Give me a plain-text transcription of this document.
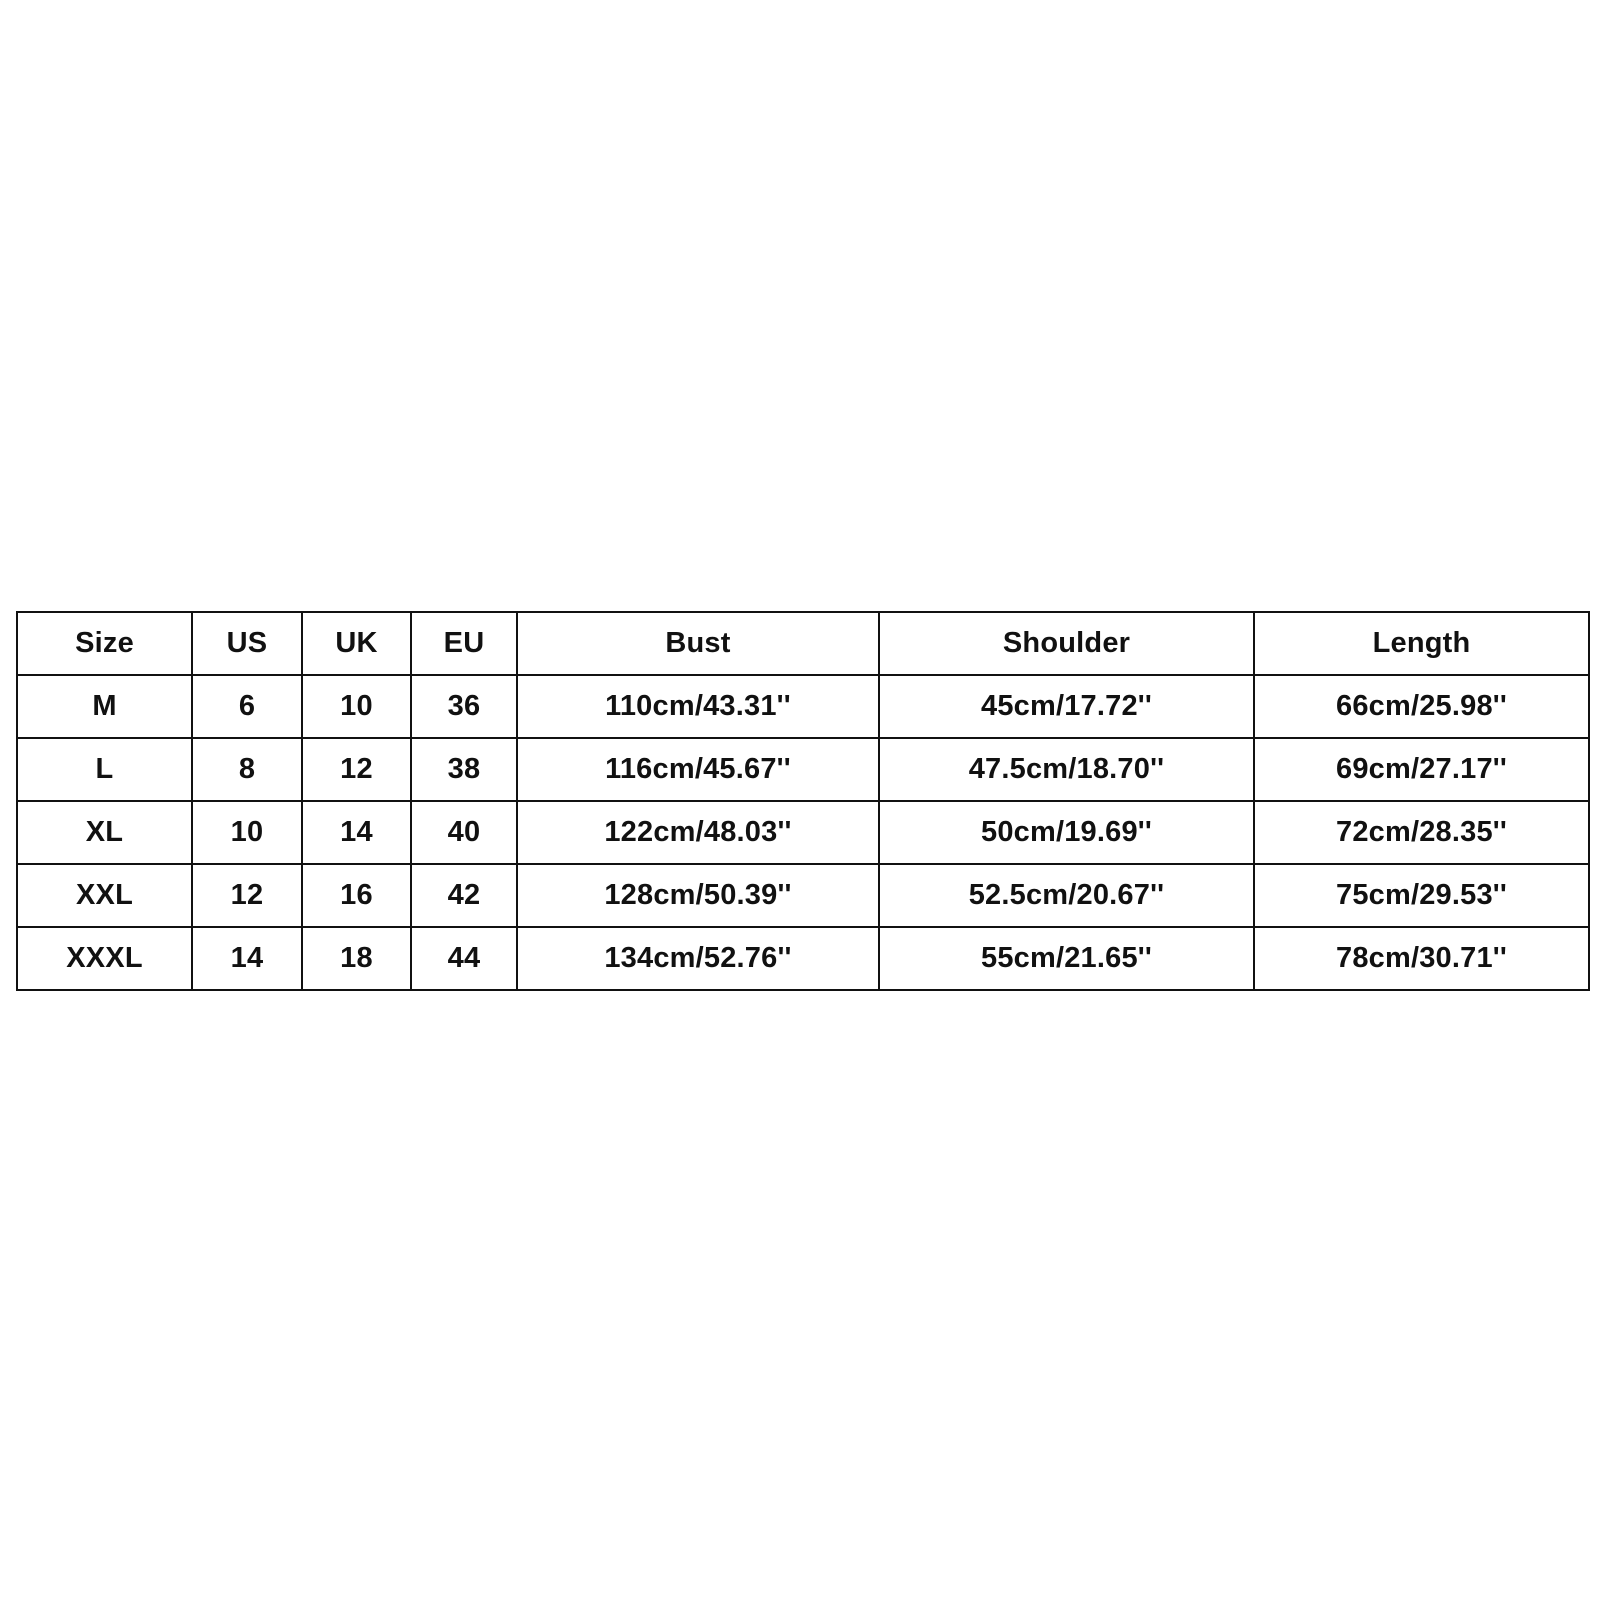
Size	US	UK	EU	Bust	Shoulder	Length
M	6	10	36	110cm/43.31''	45cm/17.72''	66cm/25.98''
L	8	12	38	116cm/45.67''	47.5cm/18.70''	69cm/27.17''
XL	10	14	40	122cm/48.03''	50cm/19.69''	72cm/28.35''
XXL	12	16	42	128cm/50.39''	52.5cm/20.67''	75cm/29.53''
XXXL	14	18	44	134cm/52.76''	55cm/21.65''	78cm/30.71''
